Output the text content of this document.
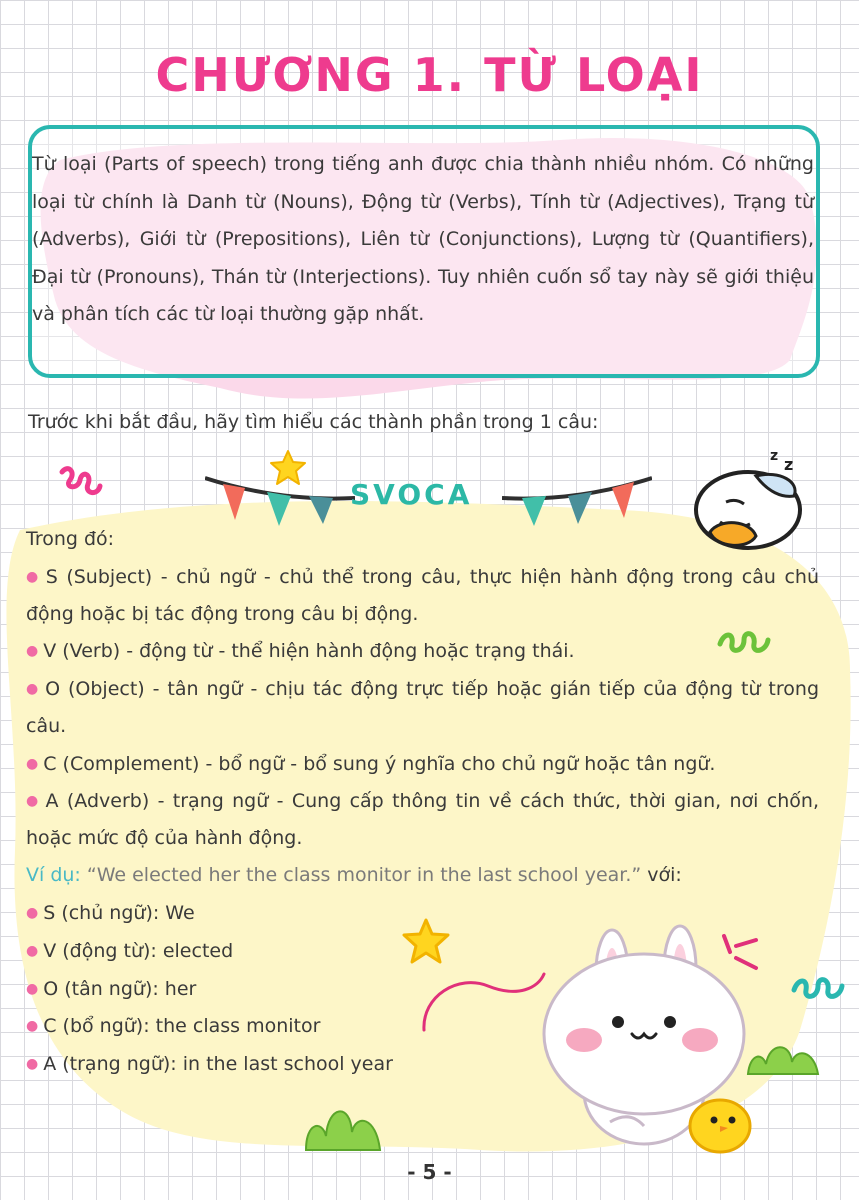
CHƯƠNG 1. TỪ LOẠI

Từ loại (Parts of speech) trong tiếng anh được chia thành nhiều nhóm. Có những loại từ chính là Danh từ (Nouns), Động từ (Verbs), Tính từ (Adjectives), Trạng từ (Adverbs), Giới từ (Prepositions), Liên từ (Conjunctions), Lượng từ (Quantifiers), Đại từ (Pronouns), Thán từ (Interjections). Tuy nhiên cuốn sổ tay này sẽ giới thiệu và phân tích các từ loại thường gặp nhất.

Trước khi bắt đầu, hãy tìm hiểu các thành phần trong 1 câu:

SVOCA
z z
Trong đó:

● S (Subject) - chủ ngữ - chủ thể trong câu, thực hiện hành động trong câu chủ động hoặc bị tác động trong câu bị động.

● V (Verb) - động từ - thể hiện hành động hoặc trạng thái.

● O (Object) - tân ngữ - chịu tác động trực tiếp hoặc gián tiếp của động từ trong câu.

● C (Complement) - bổ ngữ - bổ sung ý nghĩa cho chủ ngữ hoặc tân ngữ.

● A (Adverb) - trạng ngữ - Cung cấp thông tin về cách thức, thời gian, nơi chốn, hoặc mức độ của hành động.

Ví dụ: “We elected her the class monitor in the last school year.” với:
● S (chủ ngữ): We
● V (động từ): elected
● O (tân ngữ): her
● C (bổ ngữ): the class monitor
● A (trạng ngữ): in the last school year
- 5 -
